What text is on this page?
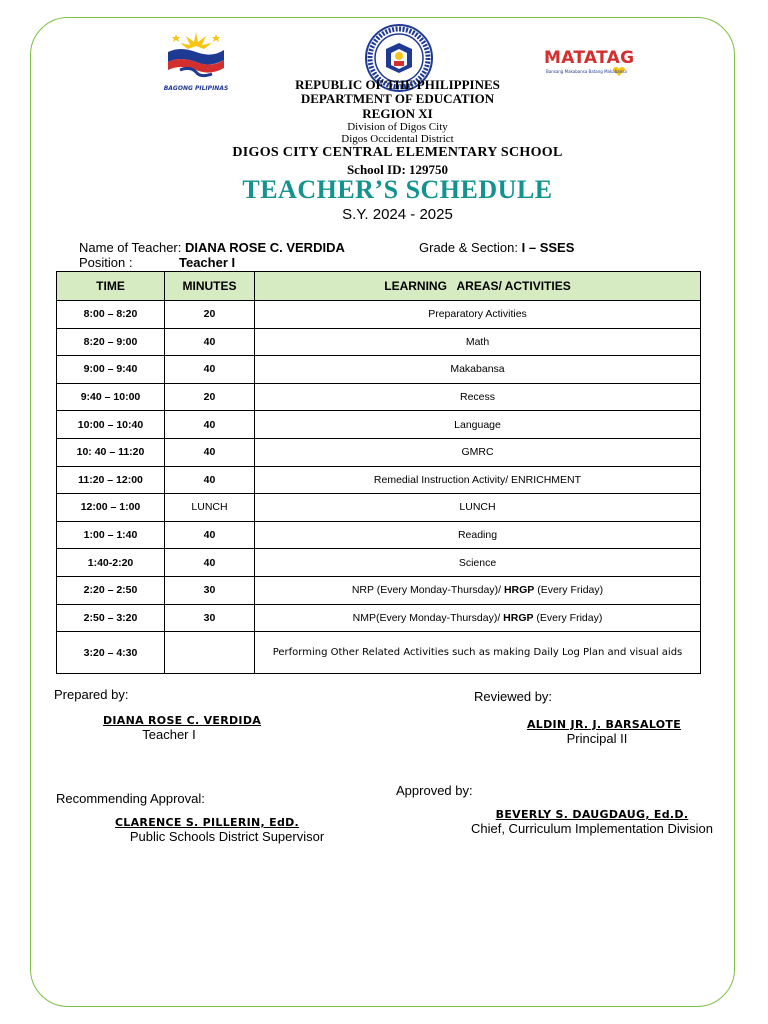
BAGONG PILIPINAS
MATATAG
Bansang Makabansa Batang Makabansa
REPUBLIC OF THE PHILIPPINES
DEPARTMENT OF EDUCATION
REGION XI
Division of Digos City
Digos Occidental District
DIGOS CITY CENTRAL ELEMENTARY SCHOOL
School ID: 129750
TEACHER’S SCHEDULE
S.Y. 2024 - 2025
Name of Teacher: DIANA ROSE C. VERDIDA	Grade & Section: I – SSES
Position :	Teacher I
TIME	MINUTES	LEARNING   AREAS/ ACTIVITIES
8:00 – 8:20	20	Preparatory Activities
8:20 – 9:00	40	Math
9:00 – 9:40	40	Makabansa
9:40 – 10:00	20	Recess
10:00 – 10:40	40	Language
10: 40 – 11:20	40	GMRC
11:20 – 12:00	40	Remedial Instruction Activity/ ENRICHMENT
12:00 – 1:00	LUNCH	LUNCH
1:00 – 1:40	40	Reading
1:40-2:20	40	Science
2:20 – 2:50	30	NRP (Every Monday-Thursday)/ HRGP (Every Friday)
2:50 – 3:20	30	NMP(Every Monday-Thursday)/ HRGP (Every Friday)
3:20 – 4:30		Performing Other Related Activities such as making Daily Log Plan and visual aids
Prepared by:
DIANA ROSE C. VERDIDA
Teacher I
Reviewed by:
ALDIN JR. J. BARSALOTE
Principal II
Recommending Approval:
CLARENCE S. PILLERIN, EdD.
Public Schools District Supervisor
Approved by:
BEVERLY S. DAUGDAUG, Ed.D.
Chief, Curriculum Implementation Division
